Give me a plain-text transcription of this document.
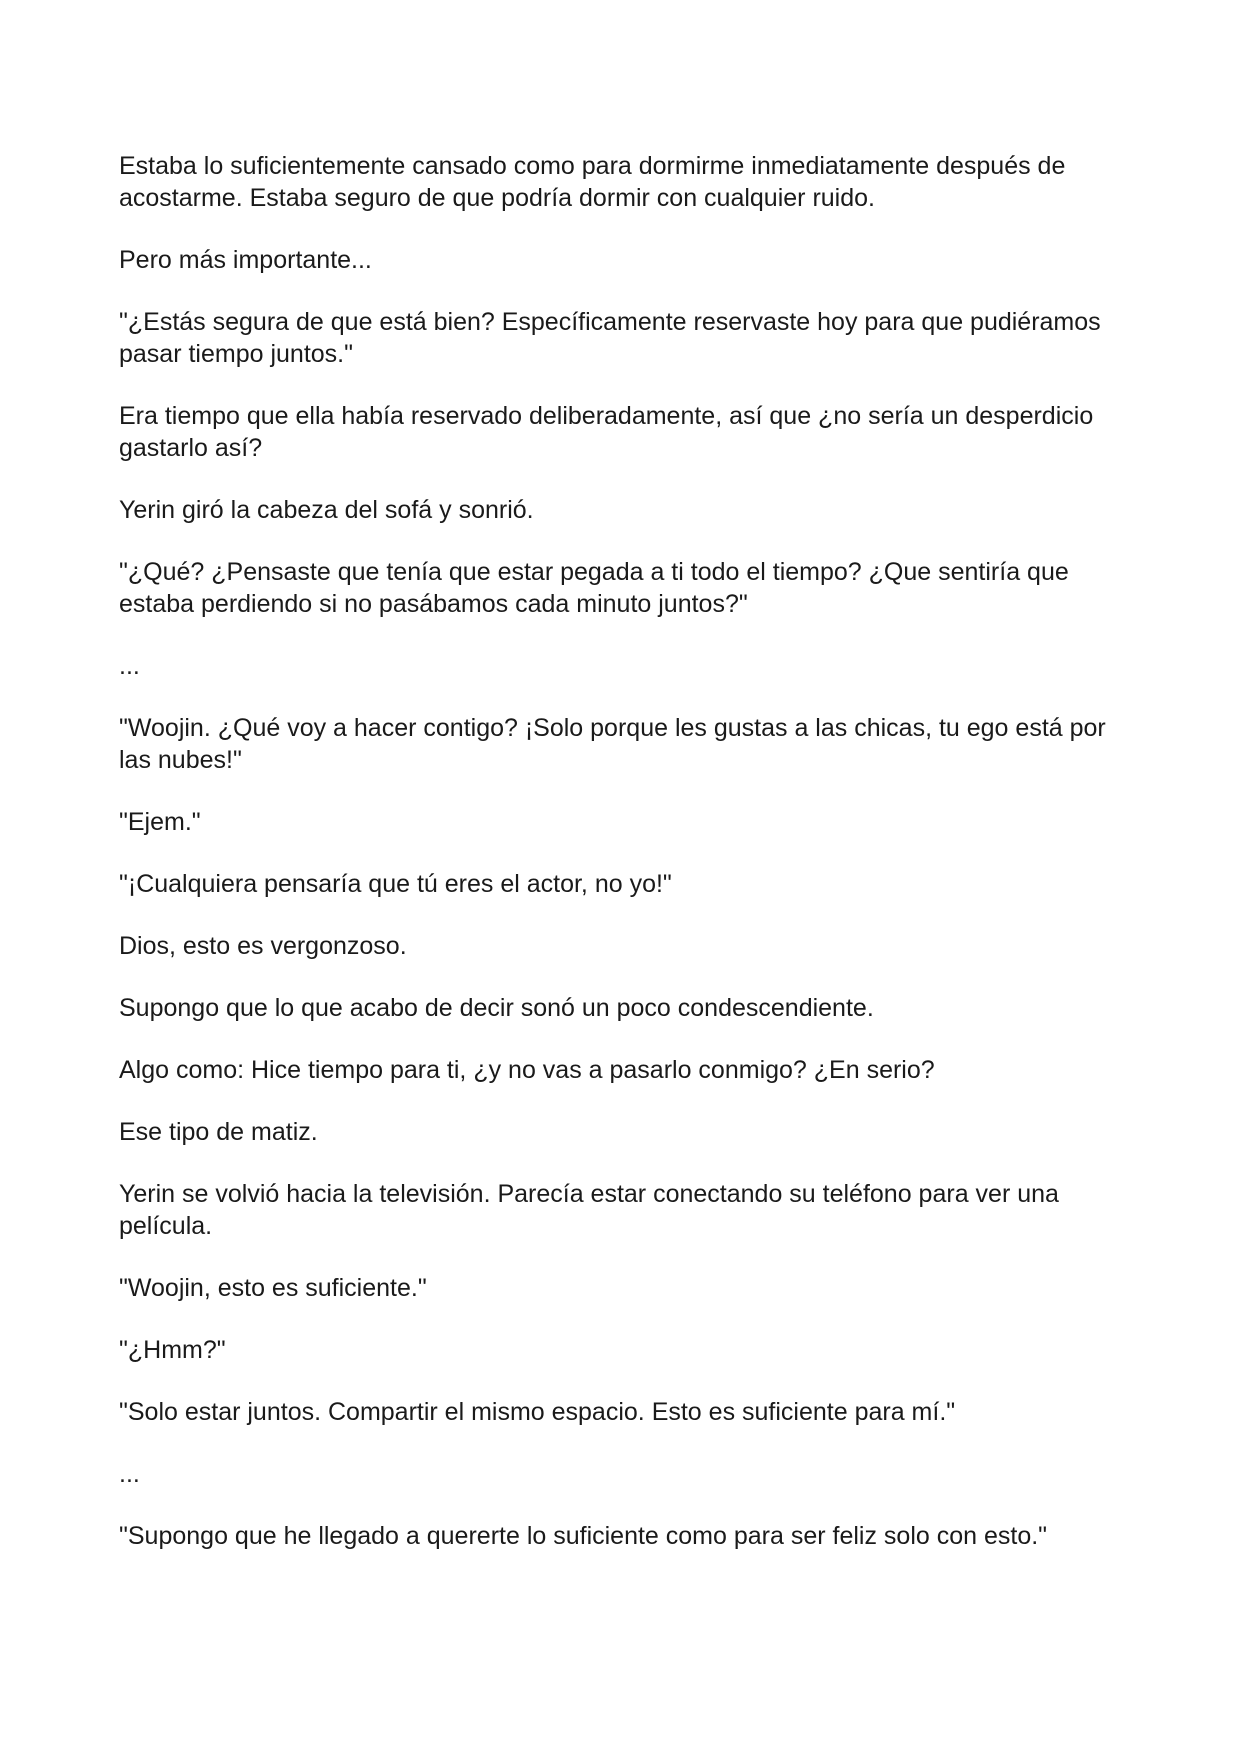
Estaba lo suficientemente cansado como para dormirme inmediatamente después de acostarme. Estaba seguro de que podría dormir con cualquier ruido.

Pero más importante...

"¿Estás segura de que está bien? Específicamente reservaste hoy para que pudiéramos pasar tiempo juntos."

Era tiempo que ella había reservado deliberadamente, así que ¿no sería un desperdicio gastarlo así?

Yerin giró la cabeza del sofá y sonrió.

"¿Qué? ¿Pensaste que tenía que estar pegada a ti todo el tiempo? ¿Que sentiría que estaba perdiendo si no pasábamos cada minuto juntos?"

...

"Woojin. ¿Qué voy a hacer contigo? ¡Solo porque les gustas a las chicas, tu ego está por las nubes!"

"Ejem."

"¡Cualquiera pensaría que tú eres el actor, no yo!"

Dios, esto es vergonzoso.

Supongo que lo que acabo de decir sonó un poco condescendiente.

Algo como: Hice tiempo para ti, ¿y no vas a pasarlo conmigo? ¿En serio?

Ese tipo de matiz.

Yerin se volvió hacia la televisión. Parecía estar conectando su teléfono para ver una película.

"Woojin, esto es suficiente."

"¿Hmm?"

"Solo estar juntos. Compartir el mismo espacio. Esto es suficiente para mí."

...

"Supongo que he llegado a quererte lo suficiente como para ser feliz solo con esto."
